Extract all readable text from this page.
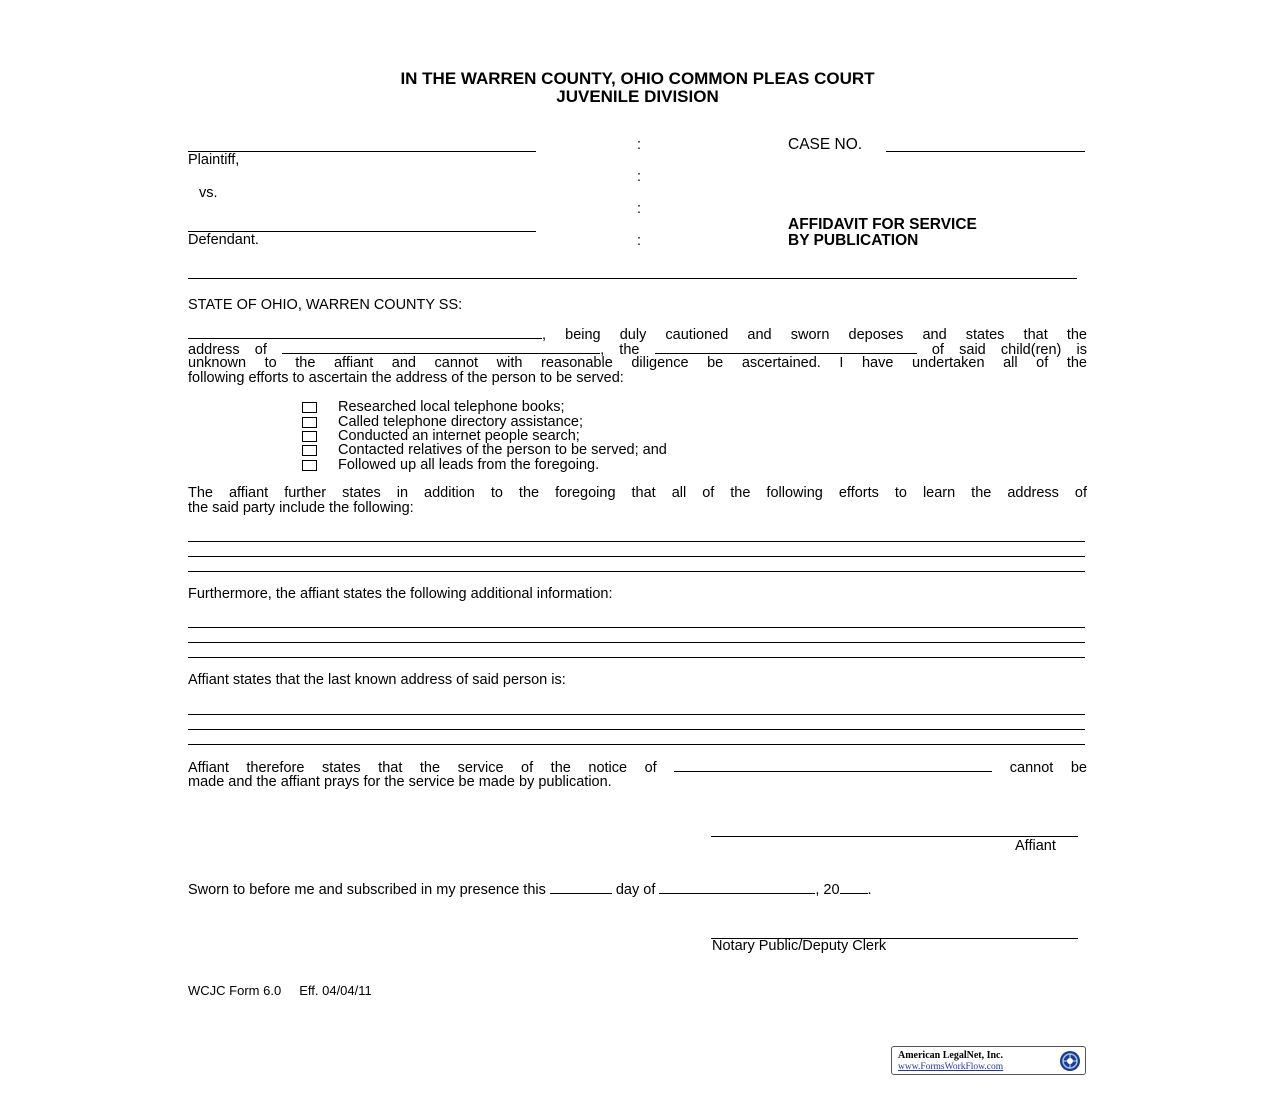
IN THE WARREN COUNTY, OHIO COMMON PLEAS COURT
JUVENILE DIVISION
Plaintiff,
vs.
Defendant.
:
:
:
:
CASE NO.
AFFIDAVIT FOR SERVICE
BY PUBLICATION
STATE OF OHIO, WARREN COUNTY SS:
, being duly cautioned and sworn deposes and states that the
address of	, the	of said child(ren) is
unknown to the affiant and cannot with reasonable diligence be ascertained. I have undertaken all of the
following efforts to ascertain the address of the person to be served:
Researched local telephone books;
Called telephone directory assistance;
Conducted an internet people search;
Contacted relatives of the person to be served; and
Followed up all leads from the foregoing.
The affiant further states in addition to the foregoing that all of the following efforts to learn the address of
the said party include the following:
Furthermore, the affiant states the following additional information:
Affiant states that the last known address of said person is:
Affiant therefore states that the service of the notice of	cannot be
made and the affiant prays for the service be made by publication.
Affiant
Sworn to before me and subscribed in my presence this	day of	, 20 .
Notary Public/Deputy Clerk
WCJC Form 6.0     Eff. 04/04/11
American LegalNet, Inc.
www.FormsWorkFlow.com
